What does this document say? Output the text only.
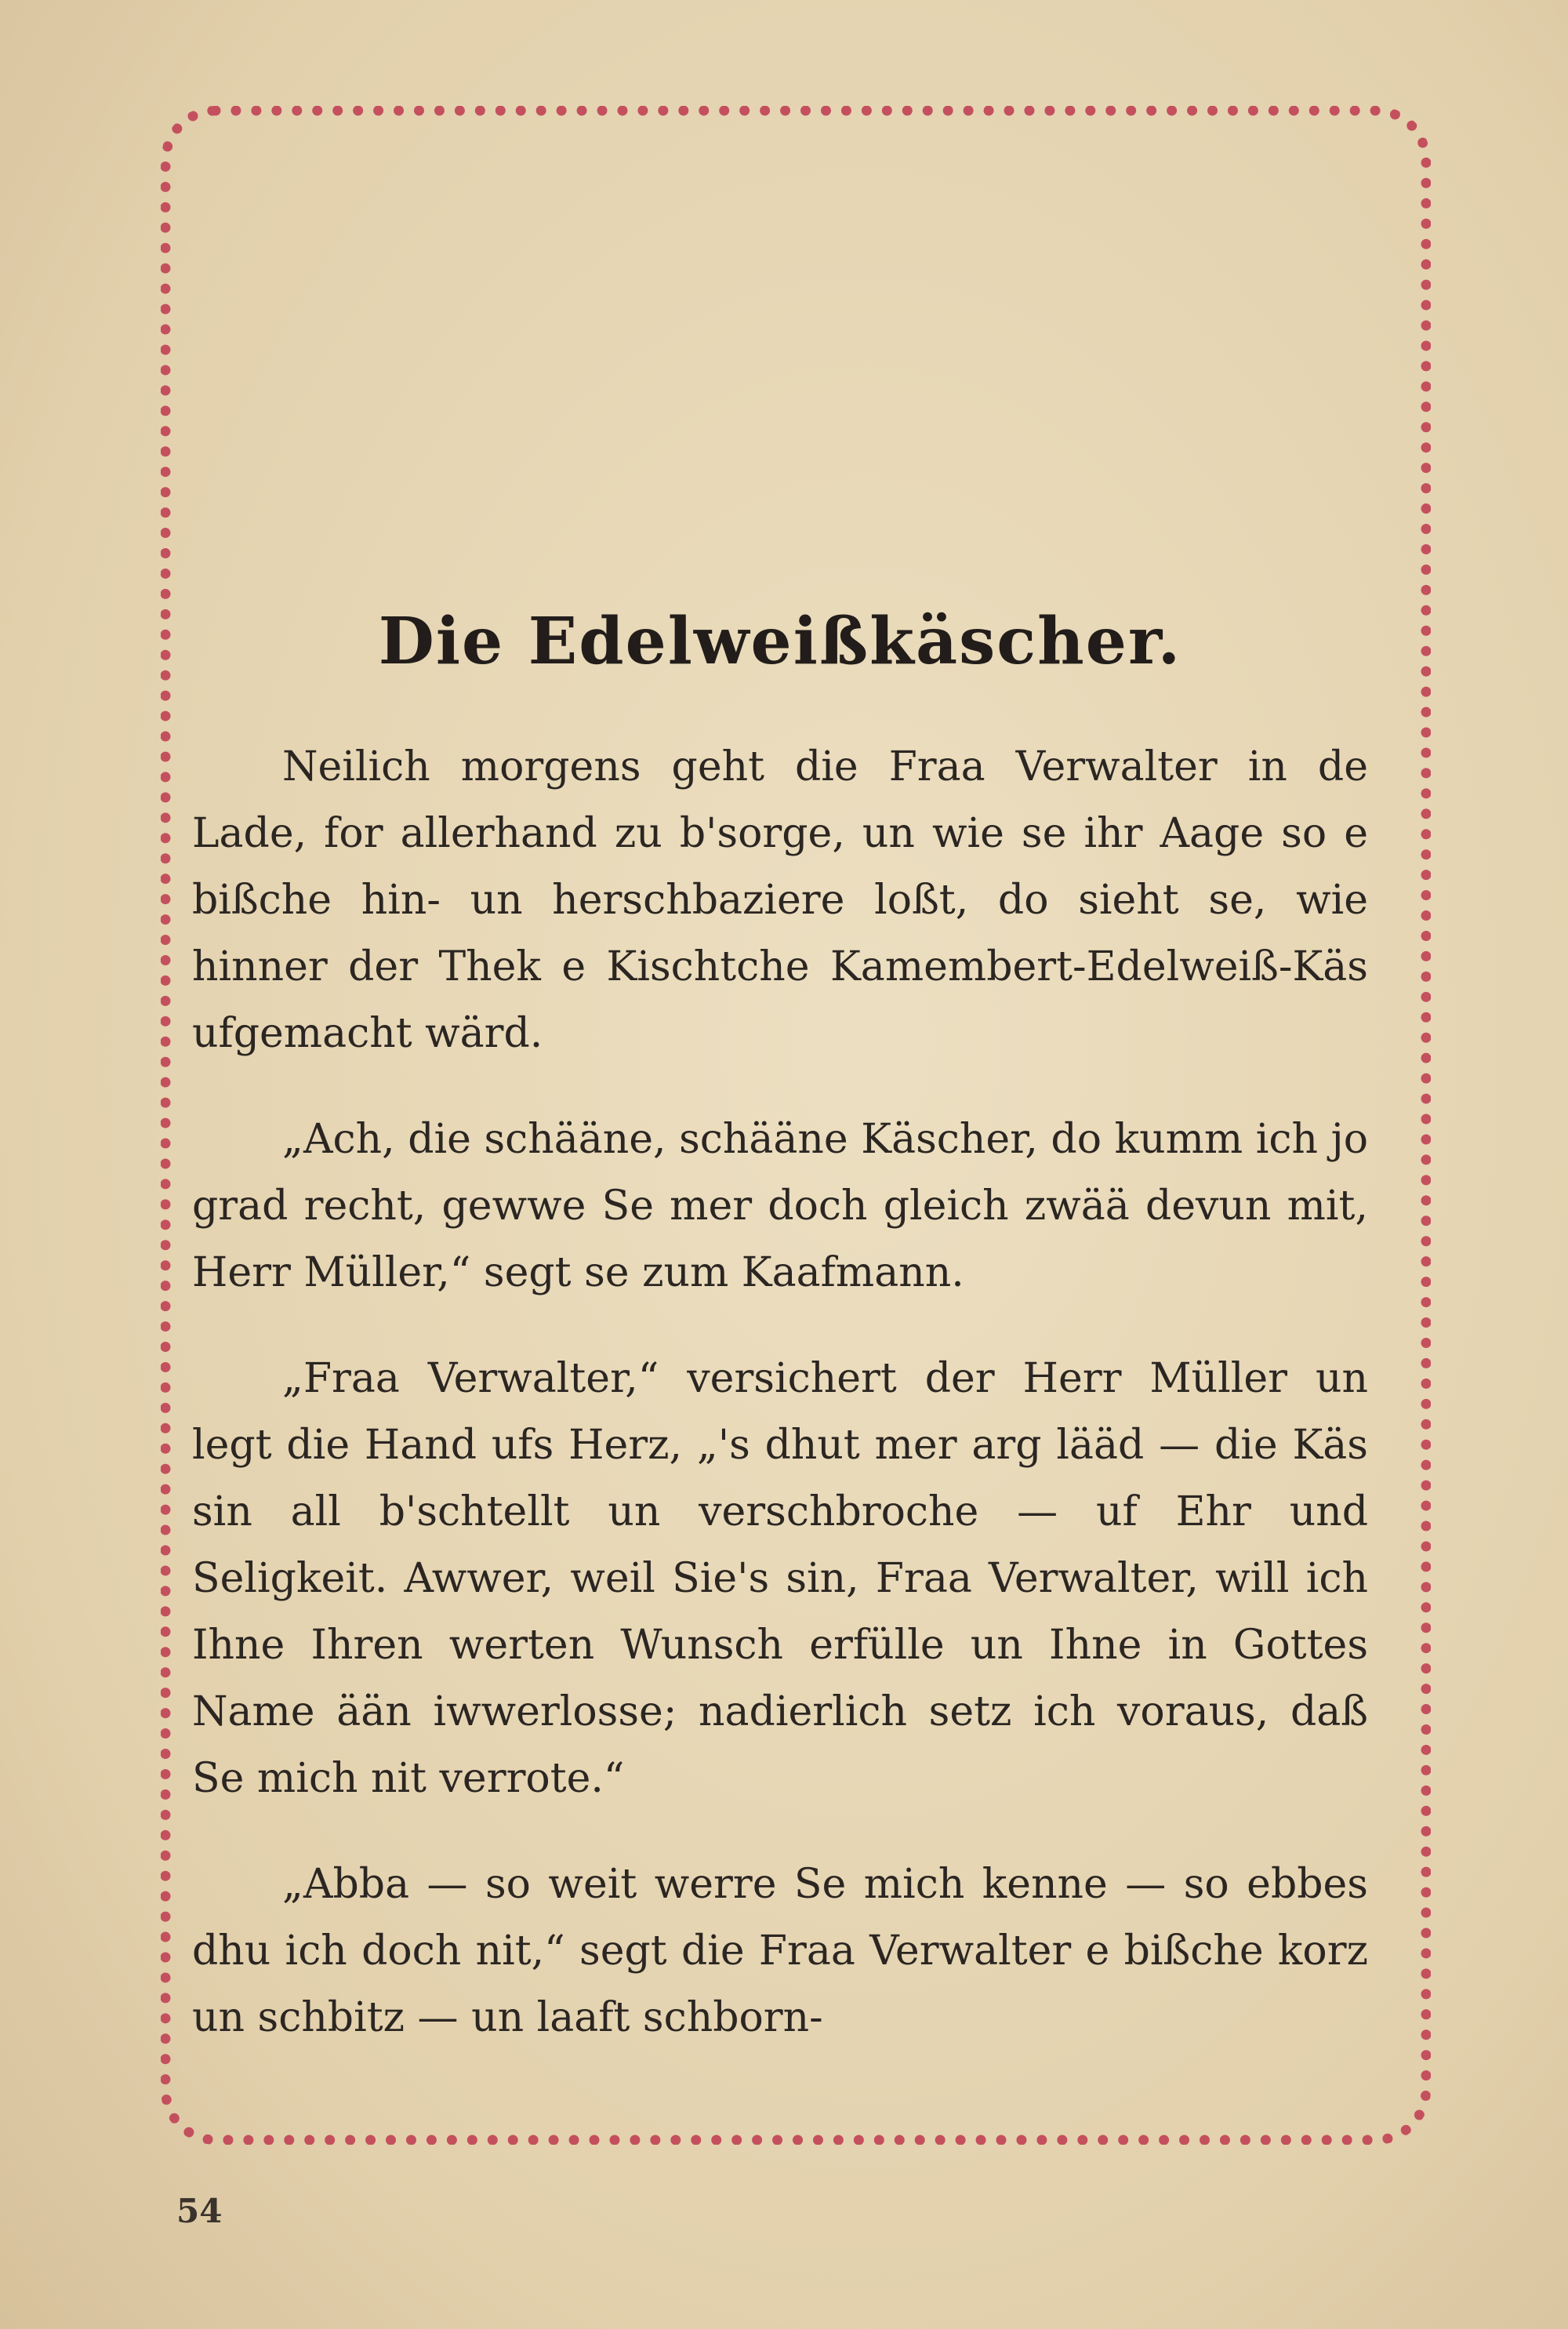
Die Edelweißkäscher.

Neilich morgens geht die Fraa Verwalter in de Lade, for allerhand zu b'sorge, un wie se ihr Aage so e bißche hin- un herschbaziere loßt, do sieht se, wie hinner der Thek e Kischtche Kamembert-Edelweiß-Käs ufgemacht wärd.

„Ach, die schääne, schääne Käscher, do kumm ich jo grad recht, gewwe Se mer doch gleich zwää devun mit, Herr Müller,“ segt se zum Kaafmann.

„Fraa Verwalter,“ versichert der Herr Müller un legt die Hand ufs Herz, „'s dhut mer arg lääd — die Käs sin all b'schtellt un verschbroche — uf Ehr und Seligkeit. Awwer, weil Sie's sin, Fraa Verwalter, will ich Ihne Ihren werten Wunsch erfülle un Ihne in Gottes Name ään iwwerlosse; nadierlich setz ich voraus, daß Se mich nit verrote.“

„Abba — so weit werre Se mich kenne — so ebbes dhu ich doch nit,“ segt die Fraa Verwalter e bißche korz un schbitz — un laaft schborn-

54
